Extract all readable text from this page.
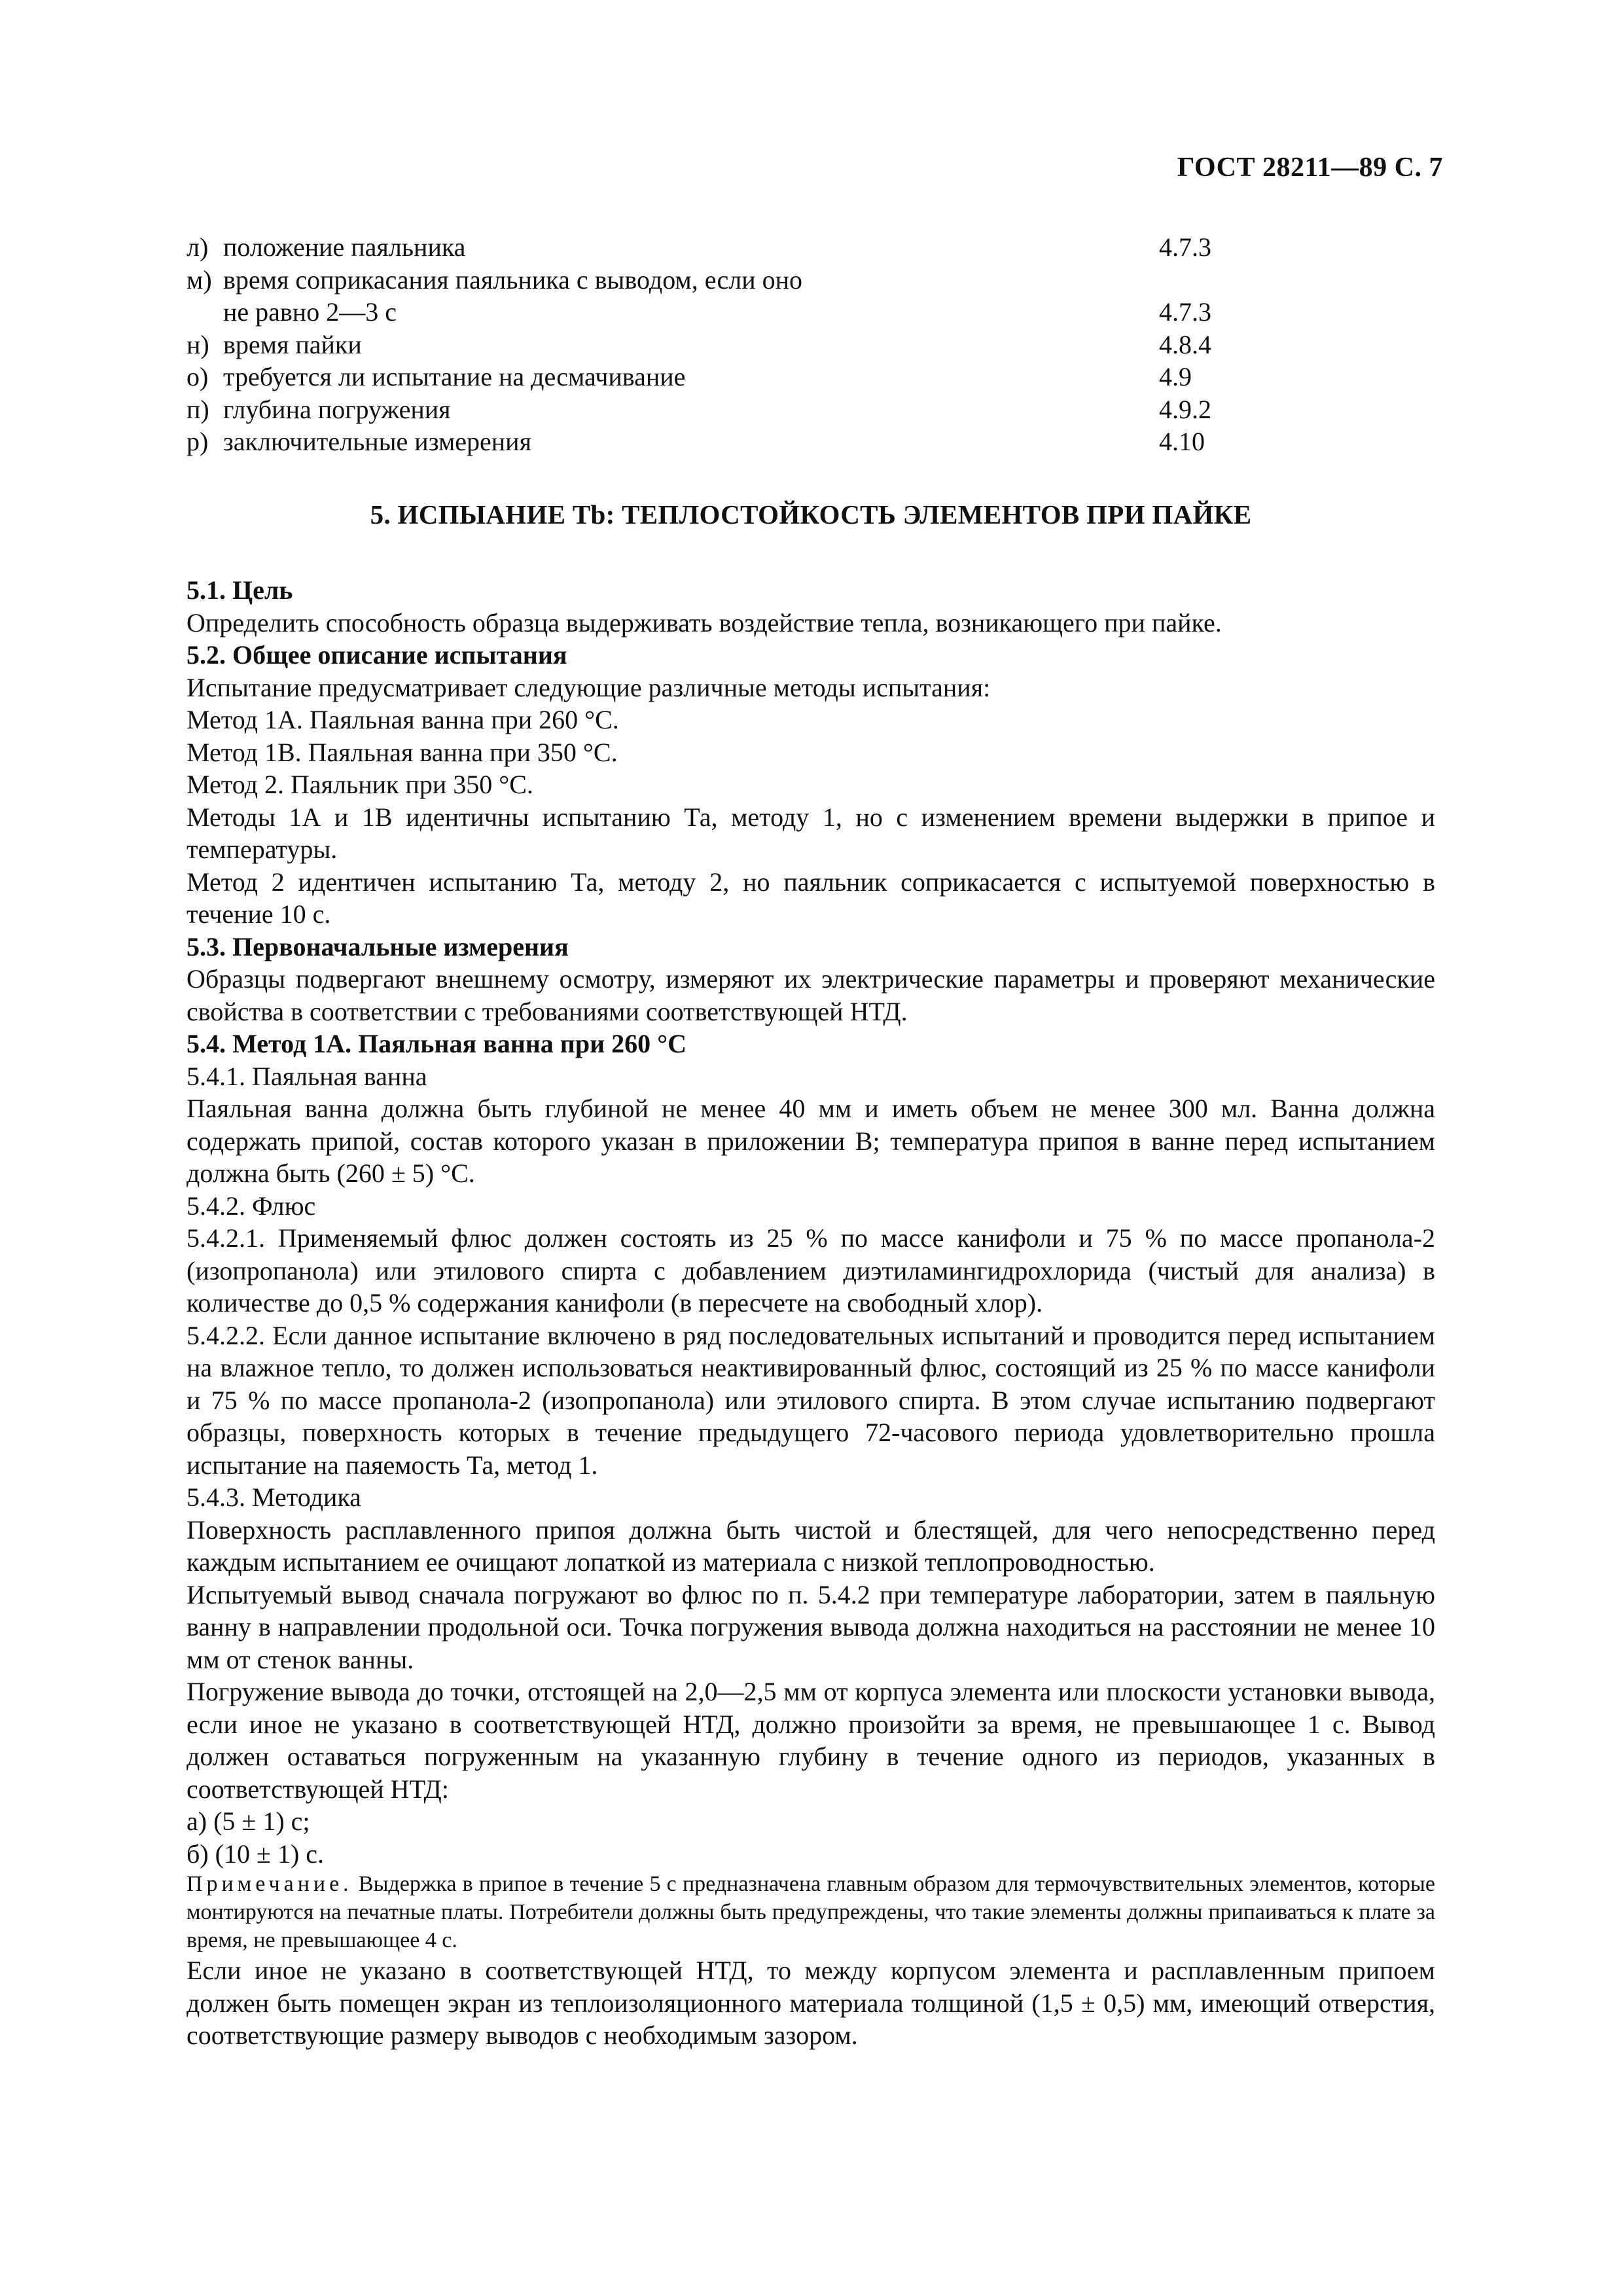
ГОСТ 28211—89 С. 7
л) положение паяльника	4.7.3
м) время соприкасания паяльника с выводом, если оно
не равно 2—3 с	4.7.3
н) время пайки	4.8.4
о) требуется ли испытание на десмачивание	4.9
п) глубина погружения	4.9.2
р) заключительные измерения	4.10
5. ИСПЫАНИЕ Tb: ТЕПЛОСТОЙКОСТЬ ЭЛЕМЕНТОВ ПРИ ПАЙКЕ

5.1. Цель

Определить способность образца выдерживать воздействие тепла, возникающего при пайке.

5.2. Общее описание испытания

Испытание предусматривает следующие различные методы испытания:

Метод 1А. Паяльная ванна при 260 °С.

Метод 1В. Паяльная ванна при 350 °С.

Метод 2. Паяльник при 350 °С.

Методы 1А и 1В идентичны испытанию Та, методу 1, но с изменением времени выдержки в припое и температуры.

Метод 2 идентичен испытанию Та, методу 2, но паяльник соприкасается с испытуемой поверхностью в течение 10 с.

5.3. Первоначальные измерения

Образцы подвергают внешнему осмотру, измеряют их электрические параметры и проверяют механические свойства в соответствии с требованиями соответствующей НТД.

5.4. Метод 1А. Паяльная ванна при 260 °С

5.4.1. Паяльная ванна

Паяльная ванна должна быть глубиной не менее 40 мм и иметь объем не менее 300 мл. Ванна должна содержать припой, состав которого указан в приложении В; температура припоя в ванне перед испытанием должна быть (260 ± 5) °С.

5.4.2. Флюс

5.4.2.1. Применяемый флюс должен состоять из 25 % по массе канифоли и 75 % по массе пропанола-2 (изопропанола) или этилового спирта с добавлением диэтиламингидрохлорида (чистый для анализа) в количестве до 0,5 % содержания канифоли (в пересчете на свободный хлор).

5.4.2.2. Если данное испытание включено в ряд последовательных испытаний и проводится перед испытанием на влажное тепло, то должен использоваться неактивированный флюс, состоящий из 25 % по массе канифоли и 75 % по массе пропанола-2 (изопропанола) или этилового спирта. В этом случае испытанию подвергают образцы, поверхность которых в течение предыдущего 72-часового периода удовлетворительно прошла испытание на паяемость Та, метод 1.

5.4.3. Методика

Поверхность расплавленного припоя должна быть чистой и блестящей, для чего непосредственно перед каждым испытанием ее очищают лопаткой из материала с низкой теплопроводностью.

Испытуемый вывод сначала погружают во флюс по п. 5.4.2 при температуре лаборатории, затем в паяльную ванну в направлении продольной оси. Точка погружения вывода должна находиться на расстоянии не менее 10 мм от стенок ванны.

Погружение вывода до точки, отстоящей на 2,0—2,5 мм от корпуса элемента или плоскости установки вывода, если иное не указано в соответствующей НТД, должно произойти за время, не превышающее 1 с. Вывод должен оставаться погруженным на указанную глубину в течение одного из периодов, указанных в соответствующей НТД:

а) (5 ± 1) с;

б) (10 ± 1) с.

Примечание. Выдержка в припое в течение 5 с предназначена главным образом для термочувствительных элементов, которые монтируются на печатные платы. Потребители должны быть предупреждены, что такие элементы должны припаиваться к плате за время, не превышающее 4 с.

Если иное не указано в соответствующей НТД, то между корпусом элемента и расплавленным припоем должен быть помещен экран из теплоизоляционного материала толщиной (1,5 ± 0,5) мм, имеющий отверстия, соответствующие размеру выводов с необходимым зазором.
